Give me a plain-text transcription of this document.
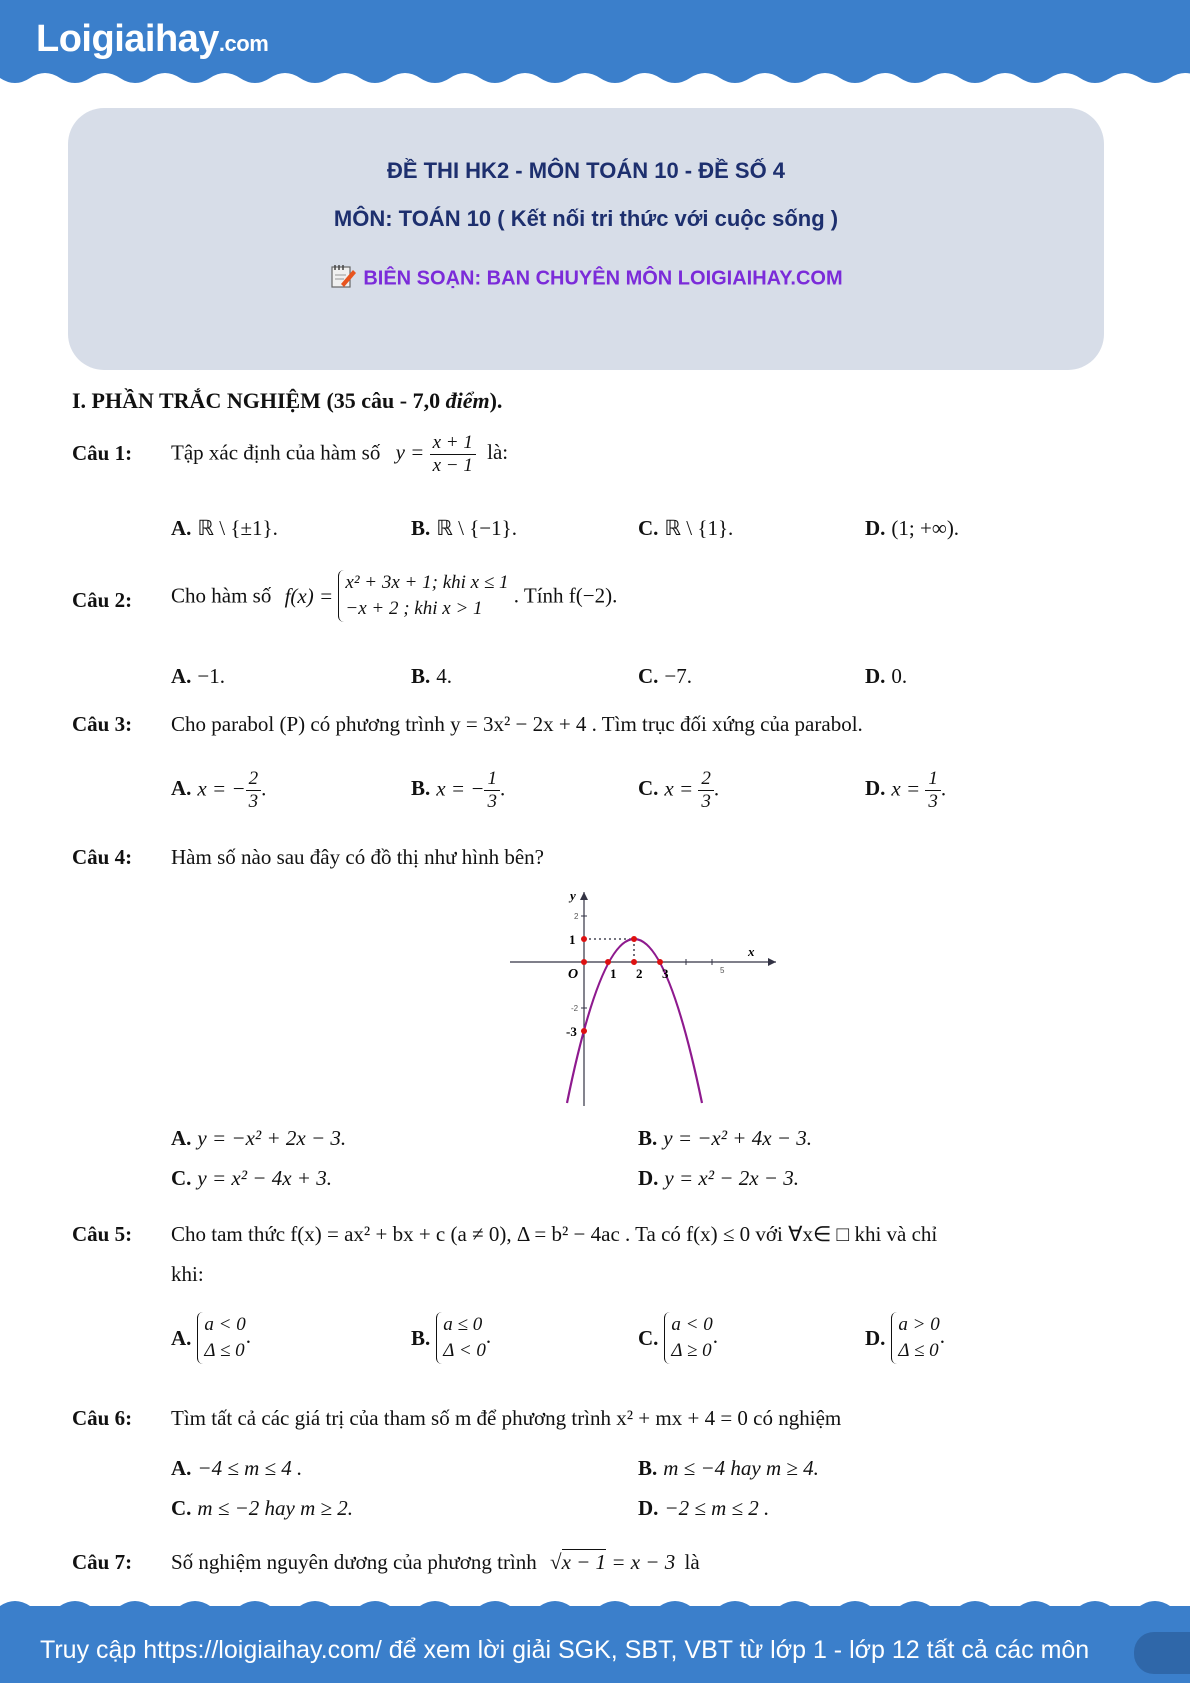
Loigiaihay.com
ĐỀ THI HK2 - MÔN TOÁN 10 - ĐỀ SỐ 4
MÔN: TOÁN 10 ( Kết nối tri thức với cuộc sống )
BIÊN SOẠN: BAN CHUYÊN MÔN LOIGIAIHAY.COM
I. PHẦN TRẮC NGHIỆM (35 câu - 7,0 điểm).
Câu 1: Tập xác định của hàm số $y = \frac{x + 1}{x - 1}$ là:
A. ℝ \ {±1}.	B. ℝ \ {−1}.	C. ℝ \ {1}.	D. (1; +∞).
Câu 2: Cho hàm số f(x) =
x² + 3x + 1; khi x ≤ 1
−x + 2 ; khi x > 1
. Tính f(−2).
A. −1.	B. 4.	C. −7.	D. 0.
Câu 3: Cho parabol (P) có phương trình y = 3x² − 2x + 4 . Tìm trục đối xứng của parabol.
A. x = − $\frac{2}{3}$ .	B. x = − $\frac{1}{3}$ .	C. $x = \frac{2}{3}$ .	D. $x = \frac{1}{3}$ .
Câu 4: Hàm số nào sau đây có đồ thị như hình bên?
y
x
O
1
2
-2
-3
1 2 3	5
A. y = −x² + 2x − 3.	B. y = −x² + 4x − 3.
C. y = x² − 4x + 3.	D. y = x² − 2x − 3.
Câu 5: Cho tam thức f(x) = ax² + bx + c (a ≠ 0), Δ = b² − 4ac . Ta có f(x) ≤ 0 với ∀x∈ □ khi và chỉ
khi:
A.
a < 0
Δ ≤ 0
.	B.
a ≤ 0
Δ < 0
.	C.
a < 0
Δ ≥ 0
.	D.
a > 0
Δ ≤ 0
.
Câu 6: Tìm tất cả các giá trị của tham số m để phương trình x² + mx + 4 = 0 có nghiệm
A. −4 ≤ m ≤ 4 .	B. m ≤ −4 hay m ≥ 4.
C. m ≤ −2 hay m ≥ 2.	D. −2 ≤ m ≤ 2 .
Câu 7: Số nghiệm nguyên dương của phương trình √x − 1 = x − 3 là
Truy cập https://loigiaihay.com/ để xem lời giải SGK, SBT, VBT từ lớp 1 - lớp 12 tất cả các môn
